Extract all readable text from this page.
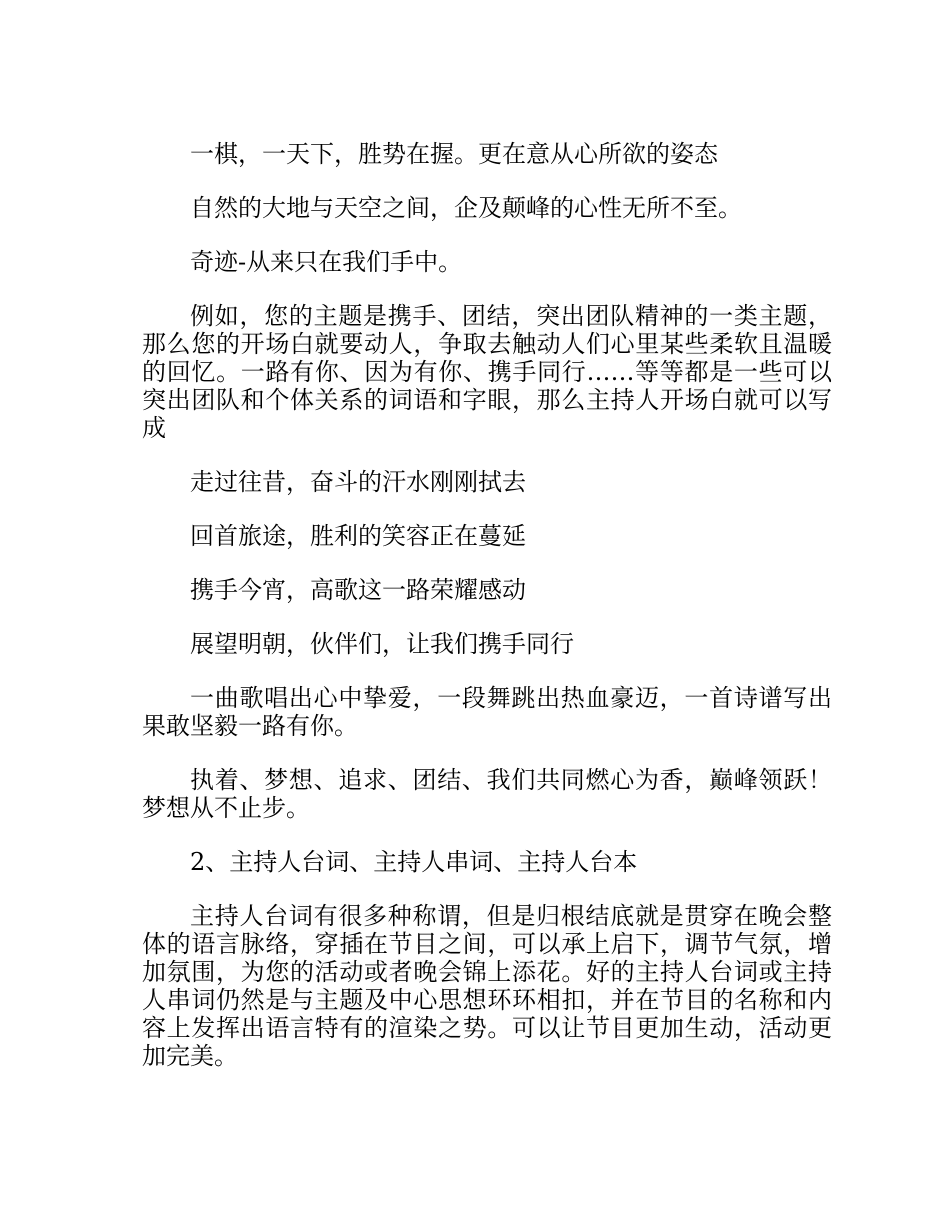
一棋，一天下，胜势在握。更在意从心所欲的姿态

自然的大地与天空之间，企及颠峰的心性无所不至。

奇迹-从来只在我们手中。

例如，您的主题是携手、团结，突出团队精神的一类主题，那么您的开场白就要动人，争取去触动人们心里某些柔软且温暖的回忆。一路有你、因为有你、携手同行……等等都是一些可以突出团队和个体关系的词语和字眼，那么主持人开场白就可以写成

走过往昔，奋斗的汗水刚刚拭去

回首旅途，胜利的笑容正在蔓延

携手今宵，高歌这一路荣耀感动

展望明朝，伙伴们，让我们携手同行

一曲歌唱出心中挚爱，一段舞跳出热血豪迈，一首诗谱写出果敢坚毅一路有你。

执着、梦想、追求、团结、我们共同燃心为香，巅峰领跃！梦想从不止步。

2、主持人台词、主持人串词、主持人台本

主持人台词有很多种称谓，但是归根结底就是贯穿在晚会整体的语言脉络，穿插在节目之间，可以承上启下，调节气氛，增加氛围，为您的活动或者晚会锦上添花。好的主持人台词或主持人串词仍然是与主题及中心思想环环相扣，并在节目的名称和内容上发挥出语言特有的渲染之势。可以让节目更加生动，活动更加完美。
